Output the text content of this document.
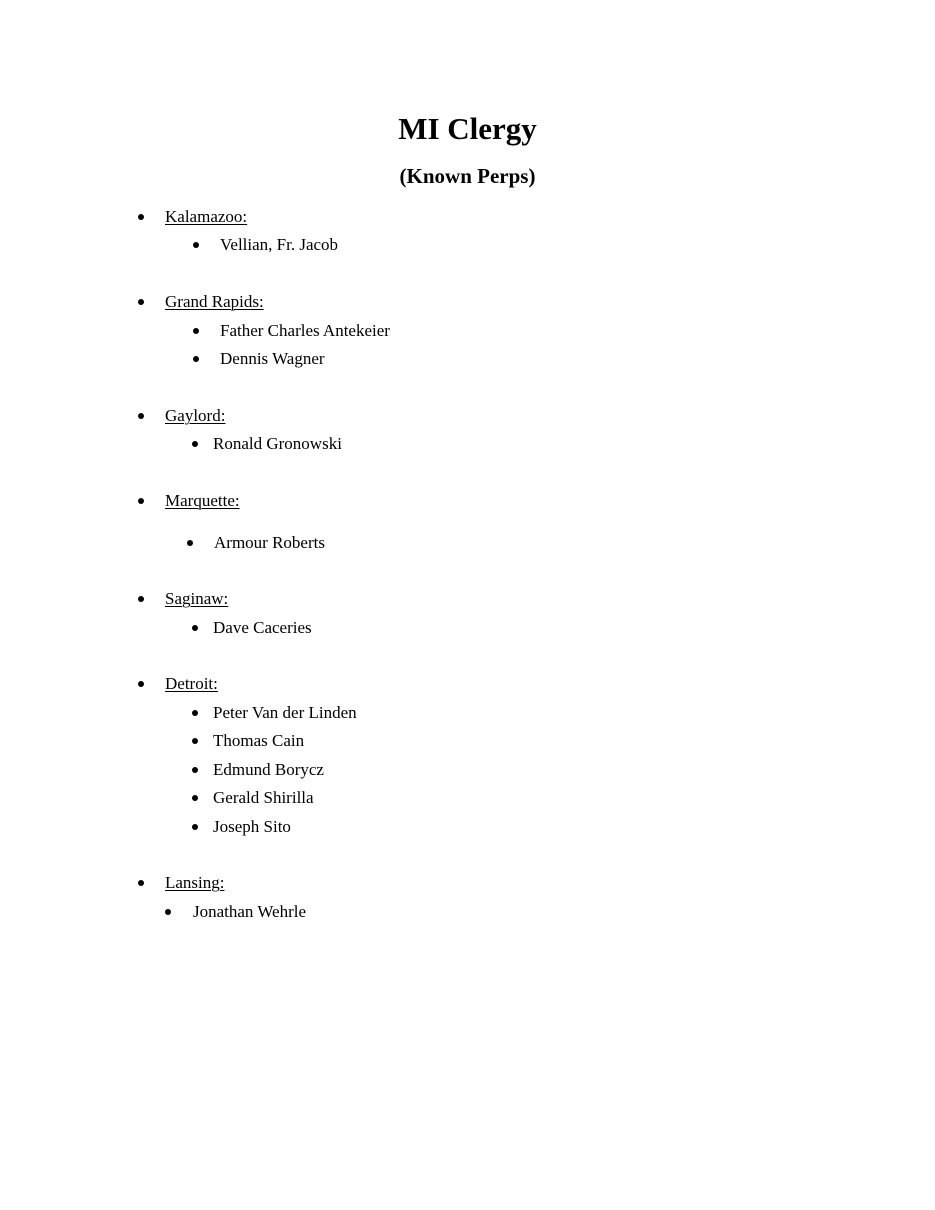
MI Clergy
(Known Perps)
Kalamazoo:
Vellian, Fr. Jacob
Grand Rapids:
Father Charles Antekeier
Dennis Wagner
Gaylord:
Ronald Gronowski
Marquette:
Armour Roberts
Saginaw:
Dave Caceries
Detroit:
Peter Van der Linden
Thomas Cain
Edmund Borycz
Gerald Shirilla
Joseph Sito
Lansing:
Jonathan Wehrle
